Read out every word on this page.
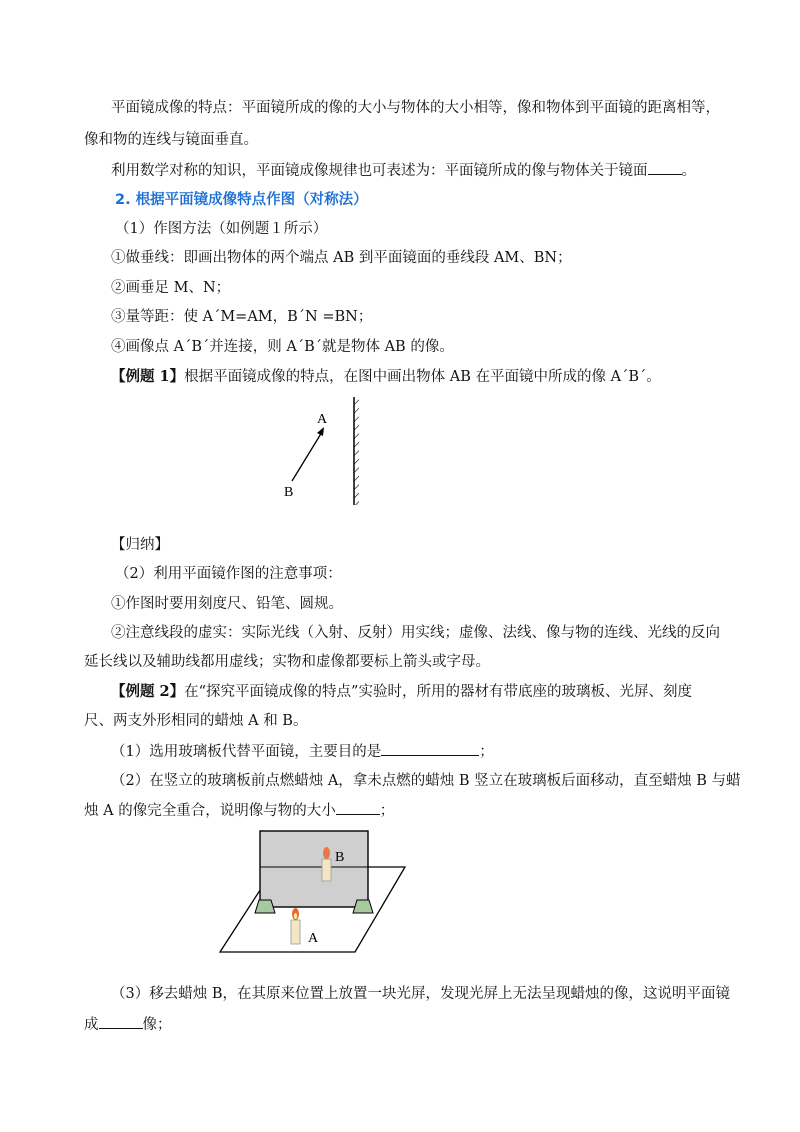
平面镜成像的特点：平面镜所成的像的大小与物体的大小相等，像和物体到平面镜的距离相等，
像和物的连线与镜面垂直。
利用数学对称的知识，平面镜成像规律也可表述为：平面镜所成的像与物体关于镜面 。
2. 根据平面镜成像特点作图（对称法）
（1）作图方法（如例题１所示）
①做垂线：即画出物体的两个端点 AB 到平面镜面的垂线段 AM、BN；
②画垂足 M、N；
③量等距：使 A´M=AM，B´N =BN；
④画像点 A´B´并连接，则 A´B´就是物体 AB 的像。
【例题 1】根据平面镜成像的特点，在图中画出物体 AB 在平面镜中所成的像 A´B´。
A
B
【归纳】
（2）利用平面镜作图的注意事项：
①作图时要用刻度尺、铅笔、圆规。
②注意线段的虚实：实际光线（入射、反射）用实线；虚像、法线、像与物的连线、光线的反向
延长线以及辅助线都用虚线；实物和虚像都要标上箭头或字母。
【例题 2】在“探究平面镜成像的特点”实验时，所用的器材有带底座的玻璃板、光屏、刻度
尺、两支外形相同的蜡烛 A 和 B。
（1）选用玻璃板代替平面镜，主要目的是	；
（2）在竖立的玻璃板前点燃蜡烛 A，拿未点燃的蜡烛 B 竖立在玻璃板后面移动，直至蜡烛 B 与蜡
烛 A 的像完全重合，说明像与物的大小	；
B
A
（3）移去蜡烛 B，在其原来位置上放置一块光屏，发现光屏上无法呈现蜡烛的像，这说明平面镜
成	像；
